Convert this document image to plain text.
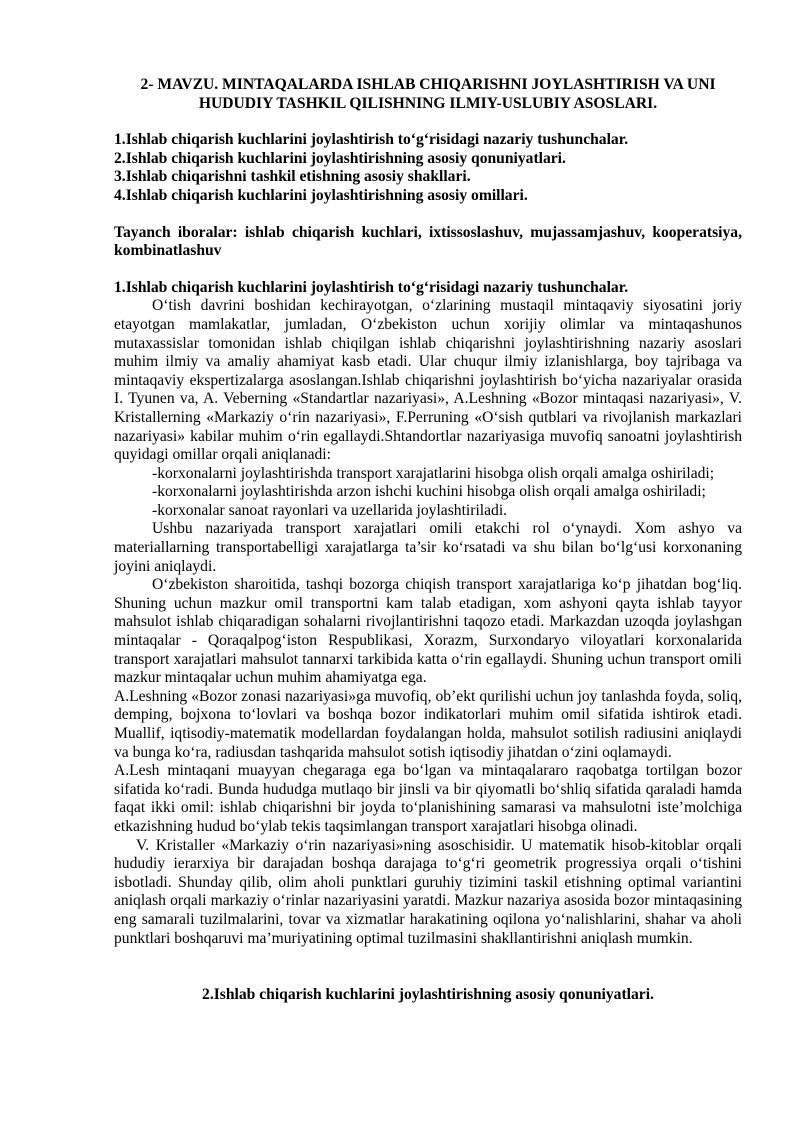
2- MAVZU. MINTAQALARDA ISHLAB CHIQARISHNI JOYLASHTIRISH VA UNI HUDUDIY TASHKIL QILISHNING ILMIY-USLUBIY ASOSLARI.

1.Ishlab chiqarish kuchlarini joylashtirish to‘g‘risidagi nazariy tushunchalar.
2.Ishlab chiqarish kuchlarini joylashtirishning asosiy qonuniyatlari.
3.Ishlab chiqarishni tashkil etishning asosiy shakllari.
4.Ishlab chiqarish kuchlarini joylashtirishning asosiy omillari.

Tayanch iboralar: ishlab chiqarish kuchlari, ixtissoslashuv, mujassamjashuv, kooperatsiya, kombinatlashuv

1.Ishlab chiqarish kuchlarini joylashtirish to‘g‘risidagi nazariy tushunchalar.

O‘tish davrini boshidan kechirayotgan, o‘zlarining mustaqil mintaqaviy siyosatini joriy etayotgan mamlakatlar, jumladan, O‘zbekiston uchun xorijiy olimlar va mintaqashunos mutaxassislar tomonidan ishlab chiqilgan ishlab chiqarishni joylashtirishning nazariy asoslari muhim ilmiy va amaliy ahamiyat kasb etadi. Ular chuqur ilmiy izlanishlarga, boy tajribaga va mintaqaviy ekspertizalarga asoslangan.Ishlab chiqarishni joylashtirish bo‘yicha nazariyalar orasida I. Tyunen va, A. Veberning «Standartlar nazariyasi», A.Leshning «Bozor mintaqasi nazariyasi», V. Kristallerning «Markaziy o‘rin nazariyasi», F.Perruning «O‘sish qutblari va rivojlanish markazlari nazariyasi» kabilar muhim o‘rin egallaydi.Shtandortlar nazariyasiga muvofiq sanoatni joylashtirish quyidagi omillar orqali aniqlanadi:

-korxonalarni joylashtirishda transport xarajatlarini hisobga olish orqali amalga oshiriladi;

-korxonalarni joylashtirishda arzon ishchi kuchini hisobga olish orqali amalga oshiriladi;

-korxonalar sanoat rayonlari va uzellarida joylashtiriladi.

Ushbu nazariyada transport xarajatlari omili etakchi rol o‘ynaydi. Xom ashyo va materiallarning transportabelligi xarajatlarga ta’sir ko‘rsatadi va shu bilan bo‘lg‘usi korxonaning joyini aniqlaydi.

O‘zbekiston sharoitida, tashqi bozorga chiqish transport xarajatlariga ko‘p jihatdan bog‘liq. Shuning uchun mazkur omil transportni kam talab etadigan, xom ashyoni qayta ishlab tayyor mahsulot ishlab chiqaradigan sohalarni rivojlantirishni taqozo etadi. Markazdan uzoqda joylashgan mintaqalar - Qoraqalpog‘iston Respublikasi, Xorazm, Surxondaryo viloyatlari korxonalarida transport xarajatlari mahsulot tannarxi tarkibida katta o‘rin egallaydi. Shuning uchun transport omili mazkur mintaqalar uchun muhim ahamiyatga ega.

A.Leshning «Bozor zonasi nazariyasi»ga muvofiq, ob’ekt qurilishi uchun joy tanlashda foyda, soliq, demping, bojxona to‘lovlari va boshqa bozor indikatorlari muhim omil sifatida ishtirok etadi. Muallif, iqtisodiy-matematik modellardan foydalangan holda, mahsulot sotilish radiusini aniqlaydi va bunga ko‘ra, radiusdan tashqarida mahsulot sotish iqtisodiy jihatdan o‘zini oqlamaydi.

A.Lesh mintaqani muayyan chegaraga ega bo‘lgan va mintaqalararo raqobatga tortilgan bozor sifatida ko‘radi. Bunda hududga mutlaqo bir jinsli va bir qiyomatli bo‘shliq sifatida qaraladi hamda faqat ikki omil: ishlab chiqarishni bir joyda to‘planishining samarasi va mahsulotni iste’molchiga etkazishning hudud bo‘ylab tekis taqsimlangan transport xarajatlari hisobga olinadi.

V. Kristaller «Markaziy o‘rin nazariyasi»ning asoschisidir. U matematik hisob-kitoblar orqali hududiy ierarxiya bir darajadan boshqa darajaga to‘g‘ri geometrik progressiya orqali o‘tishini isbotladi. Shunday qilib, olim aholi punktlari guruhiy tizimini taskil etishning optimal variantini aniqlash orqali markaziy o‘rinlar nazariyasini yaratdi. Mazkur nazariya asosida bozor mintaqasining eng samarali tuzilmalarini, tovar va xizmatlar harakatining oqilona yo‘nalishlarini, shahar va aholi punktlari boshqaruvi ma’muriyatining optimal tuzilmasini shakllantirishni aniqlash mumkin.

2.Ishlab chiqarish kuchlarini joylashtirishning asosiy qonuniyatlari.
